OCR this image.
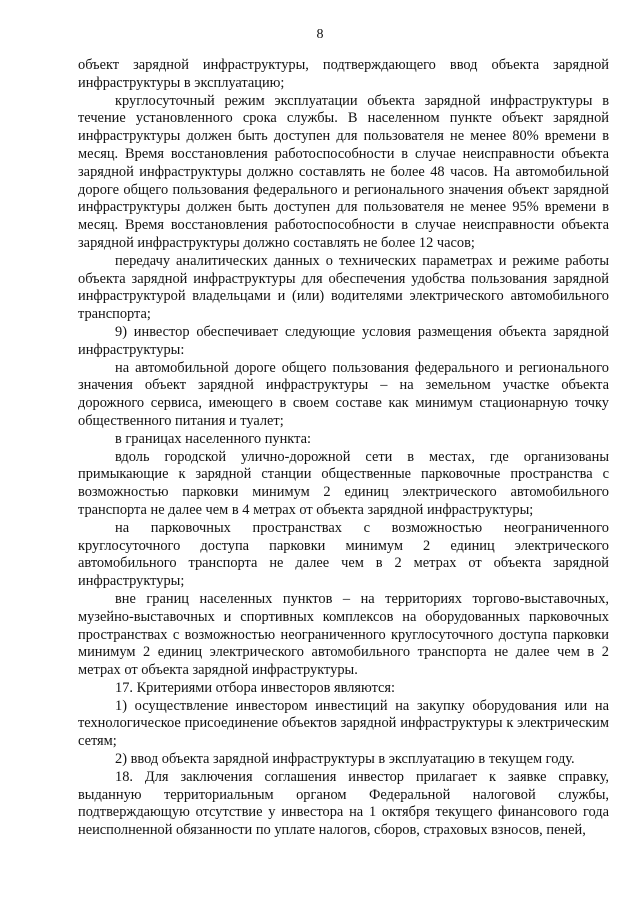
8

объект зарядной инфраструктуры, подтверждающего ввод объекта зарядной инфраструктуры в эксплуатацию;

круглосуточный режим эксплуатации объекта зарядной инфраструктуры в течение установленного срока службы. В населенном пункте объект зарядной инфраструктуры должен быть доступен для пользователя не менее 80% времени в месяц. Время восстановления работоспособности в случае неисправности объекта зарядной инфраструктуры должно составлять не более 48 часов. На автомобильной дороге общего пользования федерального и регионального значения объект зарядной инфраструктуры должен быть доступен для пользователя не менее 95% времени в месяц. Время восстановления работоспособности в случае неисправности объекта зарядной инфраструктуры должно составлять не более 12 часов;

передачу аналитических данных о технических параметрах и режиме работы объекта зарядной инфраструктуры для обеспечения удобства пользования зарядной инфраструктурой владельцами и (или) водителями электрического автомобильного транспорта;

9) инвестор обеспечивает следующие условия размещения объекта зарядной инфраструктуры:

на автомобильной дороге общего пользования федерального и регионального значения объект зарядной инфраструктуры – на земельном участке объекта дорожного сервиса, имеющего в своем составе как минимум стационарную точку общественного питания и туалет;

в границах населенного пункта:

вдоль городской улично-дорожной сети в местах, где организованы примыкающие к зарядной станции общественные парковочные пространства с возможностью парковки минимум 2 единиц электрического автомобильного транспорта не далее чем в 4 метрах от объекта зарядной инфраструктуры;

на парковочных пространствах с возможностью неограниченного круглосуточного доступа парковки минимум 2 единиц электрического автомобильного транспорта не далее чем в 2 метрах от объекта зарядной инфраструктуры;

вне границ населенных пунктов – на территориях торгово-выставочных, музейно-выставочных и спортивных комплексов на оборудованных парковочных пространствах с возможностью неограниченного круглосуточного доступа парковки минимум 2 единиц электрического автомобильного транспорта не далее чем в 2 метрах от объекта зарядной инфраструктуры.

17. Критериями отбора инвесторов являются:

1) осуществление инвестором инвестиций на закупку оборудования или на технологическое присоединение объектов зарядной инфраструктуры к электрическим сетям;

2) ввод объекта зарядной инфраструктуры в эксплуатацию в текущем году.

18. Для заключения соглашения инвестор прилагает к заявке справку, выданную территориальным органом Федеральной налоговой службы, подтверждающую отсутствие у инвестора на 1 октября текущего финансового года неисполненной обязанности по уплате налогов, сборов, страховых взносов, пеней,
